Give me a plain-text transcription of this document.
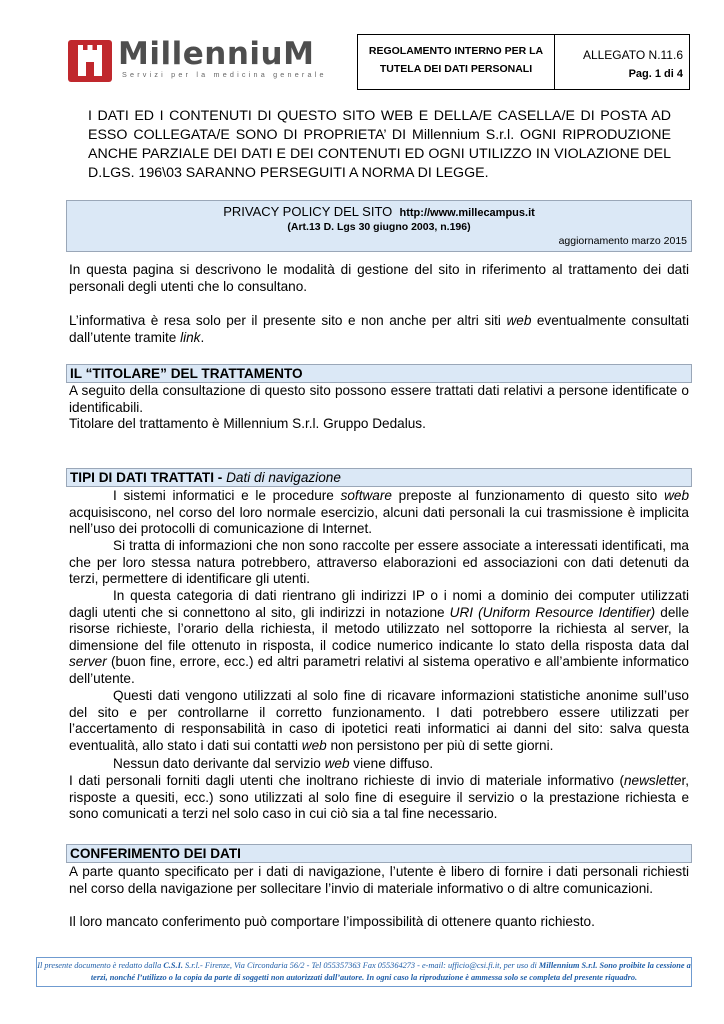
MillenniuM
Servizi per la medicina generale
REGOLAMENTO INTERNO PER LA
TUTELA DEI DATI PERSONALI
ALLEGATO N.11.6
Pag. 1 di 4
I DATI ED I CONTENUTI DI QUESTO SITO WEB E DELLA/E CASELLA/E DI POSTA AD ESSO COLLEGATA/E SONO DI PROPRIETA’ DI Millennium S.r.l. OGNI RIPRODUZIONE ANCHE PARZIALE DEI DATI E DEI CONTENUTI ED OGNI UTILIZZO IN VIOLAZIONE DEL D.LGS. 196\03 SARANNO PERSEGUITI A NORMA DI LEGGE.
PRIVACY POLICY DEL SITO http://www.millecampus.it
(Art.13 D. Lgs 30 giugno 2003, n.196)
aggiornamento marzo 2015
In questa pagina si descrivono le modalità di gestione del sito in riferimento al trattamento dei dati personali degli utenti che lo consultano.
L’informativa è resa solo per il presente sito e non anche per altri siti web eventualmente consultati dall’utente tramite link.
IL “TITOLARE” DEL TRATTAMENTO
A seguito della consultazione di questo sito possono essere trattati dati relativi a persone identificate o identificabili.
Titolare del trattamento è Millennium S.r.l. Gruppo Dedalus.
TIPI DI DATI TRATTATI - Dati di navigazione
I sistemi informatici e le procedure software preposte al funzionamento di questo sito web acquisiscono, nel corso del loro normale esercizio, alcuni dati personali la cui trasmissione è implicita nell’uso dei protocolli di comunicazione di Internet.
Si tratta di informazioni che non sono raccolte per essere associate a interessati identificati, ma che per loro stessa natura potrebbero, attraverso elaborazioni ed associazioni con dati detenuti da terzi, permettere di identificare gli utenti.
In questa categoria di dati rientrano gli indirizzi IP o i nomi a dominio dei computer utilizzati dagli utenti che si connettono al sito, gli indirizzi in notazione URI (Uniform Resource Identifier) delle risorse richieste, l’orario della richiesta, il metodo utilizzato nel sottoporre la richiesta al server, la dimensione del file ottenuto in risposta, il codice numerico indicante lo stato della risposta data dal server (buon fine, errore, ecc.) ed altri parametri relativi al sistema operativo e all’ambiente informatico dell’utente.
Questi dati vengono utilizzati al solo fine di ricavare informazioni statistiche anonime sull’uso del sito e per controllarne il corretto funzionamento. I dati potrebbero essere utilizzati per l’accertamento di responsabilità in caso di ipotetici reati informatici ai danni del sito: salva questa eventualità, allo stato i dati sui contatti web non persistono per più di sette giorni.
Nessun dato derivante dal servizio web viene diffuso.
I dati personali forniti dagli utenti che inoltrano richieste di invio di materiale informativo (newsletter, risposte a quesiti, ecc.) sono utilizzati al solo fine di eseguire il servizio o la prestazione richiesta e sono comunicati a terzi nel solo caso in cui ciò sia a tal fine necessario.
CONFERIMENTO DEI DATI
A parte quanto specificato per i dati di navigazione, l’utente è libero di fornire i dati personali richiesti nel corso della navigazione per sollecitare l’invio di materiale informativo o di altre comunicazioni.
Il loro mancato conferimento può comportare l’impossibilità di ottenere quanto richiesto.
Il presente documento è redatto dalla C.S.I. S.r.l.- Firenze, Via Circondaria 56/2 - Tel 055357363 Fax 055364273 - e-mail: ufficio@csi.fi.it, per uso di Millennium S.r.l. Sono proibite la cessione a terzi, nonché l’utilizzo o la copia da parte di soggetti non autorizzati dall’autore. In ogni caso la riproduzione è ammessa solo se completa del presente riquadro.
